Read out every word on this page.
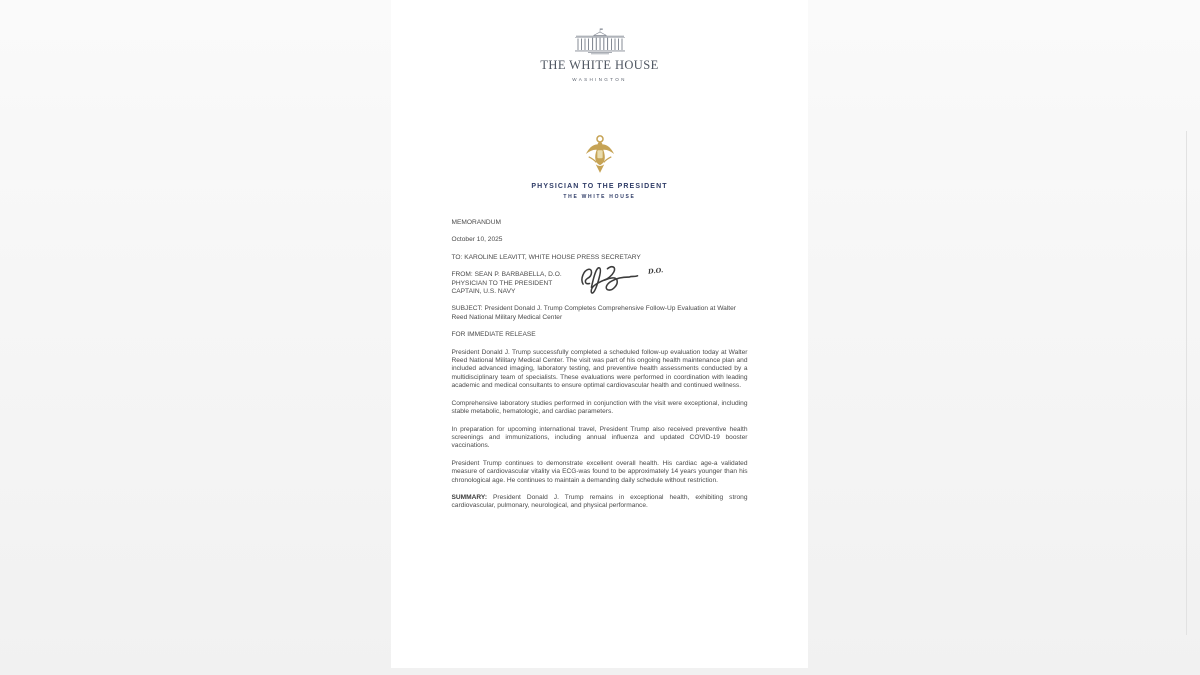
THE WHITE HOUSE
WASHINGTON
PHYSICIAN TO THE PRESIDENT
THE WHITE HOUSE
MEMORANDUM
October 10, 2025
TO: KAROLINE LEAVITT, WHITE HOUSE PRESS SECRETARY
FROM: SEAN P. BARBABELLA, D.O.
PHYSICIAN TO THE PRESIDENT
CAPTAIN, U.S. NAVY
D.O.
SUBJECT: President Donald J. Trump Completes Comprehensive Follow-Up Evaluation at Walter Reed National Military Medical Center
FOR IMMEDIATE RELEASE

President Donald J. Trump successfully completed a scheduled follow-up evaluation today at Walter Reed National Military Medical Center. The visit was part of his ongoing health maintenance plan and included advanced imaging, laboratory testing, and preventive health assessments conducted by a multidisciplinary team of specialists. These evaluations were performed in coordination with leading academic and medical consultants to ensure optimal cardiovascular health and continued wellness.

Comprehensive laboratory studies performed in conjunction with the visit were exceptional, including stable metabolic, hematologic, and cardiac parameters.

In preparation for upcoming international travel, President Trump also received preventive health screenings and immunizations, including annual influenza and updated COVID-19 booster vaccinations.

President Trump continues to demonstrate excellent overall health. His cardiac age-a validated measure of cardiovascular vitality via ECG-was found to be approximately 14 years younger than his chronological age. He continues to maintain a demanding daily schedule without restriction.

SUMMARY: President Donald J. Trump remains in exceptional health, exhibiting strong cardiovascular, pulmonary, neurological, and physical performance.
